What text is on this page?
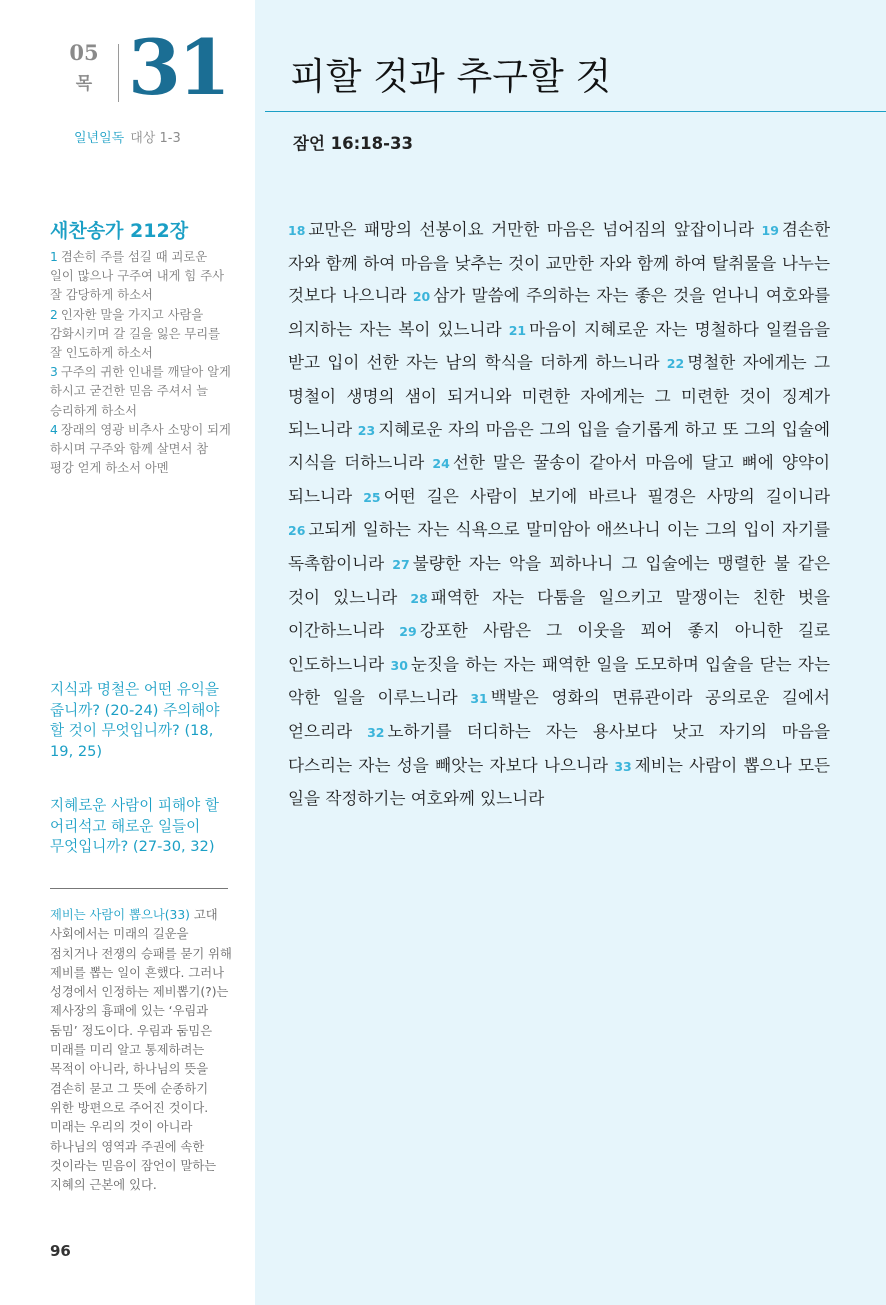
05
목 31
일년일독 대상 1-3
새찬송가 212장
1 겸손히 주를 섬길 때 괴로운 일이 많으나 구주여 내게 힘 주사 잘 감당하게 하소서
2 인자한 말을 가지고 사람을 감화시키며 갈 길을 잃은 무리를 잘 인도하게 하소서
3 구주의 귀한 인내를 깨달아 알게 하시고 굳건한 믿음 주셔서 늘 승리하게 하소서
4 장래의 영광 비추사 소망이 되게 하시며 구주와 함께 살면서 참 평강 얻게 하소서 아멘
지식과 명철은 어떤 유익을 줍니까? (20-24) 주의해야 할 것이 무엇입니까? (18, 19, 25)
지혜로운 사람이 피해야 할 어리석고 해로운 일들이 무엇입니까? (27-30, 32)
제비는 사람이 뽑으나(33) 고대 사회에서는 미래의 길운을 점치거나 전쟁의 승패를 묻기 위해 제비를 뽑는 일이 흔했다. 그러나 성경에서 인정하는 제비뽑기(?)는 제사장의 흉패에 있는 ‘우림과 둠밈’ 정도이다. 우림과 둠밈은 미래를 미리 알고 통제하려는 목적이 아니라, 하나님의 뜻을 겸손히 묻고 그 뜻에 순종하기 위한 방편으로 주어진 것이다. 미래는 우리의 것이 아니라 하나님의 영역과 주권에 속한 것이라는 믿음이 잠언이 말하는 지혜의 근본에 있다.
96
피할 것과 추구할 것
잠언 16:18-33
18 교만은 패망의 선봉이요 거만한 마음은 넘어짐의 앞잡이니라 19 겸손한 자와 함께 하여 마음을 낮추는 것이 교만한 자와 함께 하여 탈취물을 나누는 것보다 나으니라 20 삼가 말씀에 주의하는 자는 좋은 것을 얻나니 여호와를 의지하는 자는 복이 있느니라 21 마음이 지혜로운 자는 명철하다 일컬음을 받고 입이 선한 자는 남의 학식을 더하게 하느니라 22 명철한 자에게는 그 명철이 생명의 샘이 되거니와 미련한 자에게는 그 미련한 것이 징계가 되느니라 23 지혜로운 자의 마음은 그의 입을 슬기롭게 하고 또 그의 입술에 지식을 더하느니라 24 선한 말은 꿀송이 같아서 마음에 달고 뼈에 양약이 되느니라 25 어떤 길은 사람이 보기에 바르나 필경은 사망의 길이니라 26 고되게 일하는 자는 식욕으로 말미암아 애쓰나니 이는 그의 입이 자기를 독촉함이니라 27 불량한 자는 악을 꾀하나니 그 입술에는 맹렬한 불 같은 것이 있느니라 28 패역한 자는 다툼을 일으키고 말쟁이는 친한 벗을 이간하느니라 29 강포한 사람은 그 이웃을 꾀어 좋지 아니한 길로 인도하느니라 30 눈짓을 하는 자는 패역한 일을 도모하며 입술을 닫는 자는 악한 일을 이루느니라 31 백발은 영화의 면류관이라 공의로운 길에서 얻으리라 32 노하기를 더디하는 자는 용사보다 낫고 자기의 마음을 다스리는 자는 성을 빼앗는 자보다 나으니라 33 제비는 사람이 뽑으나 모든 일을 작정하기는 여호와께 있느니라
